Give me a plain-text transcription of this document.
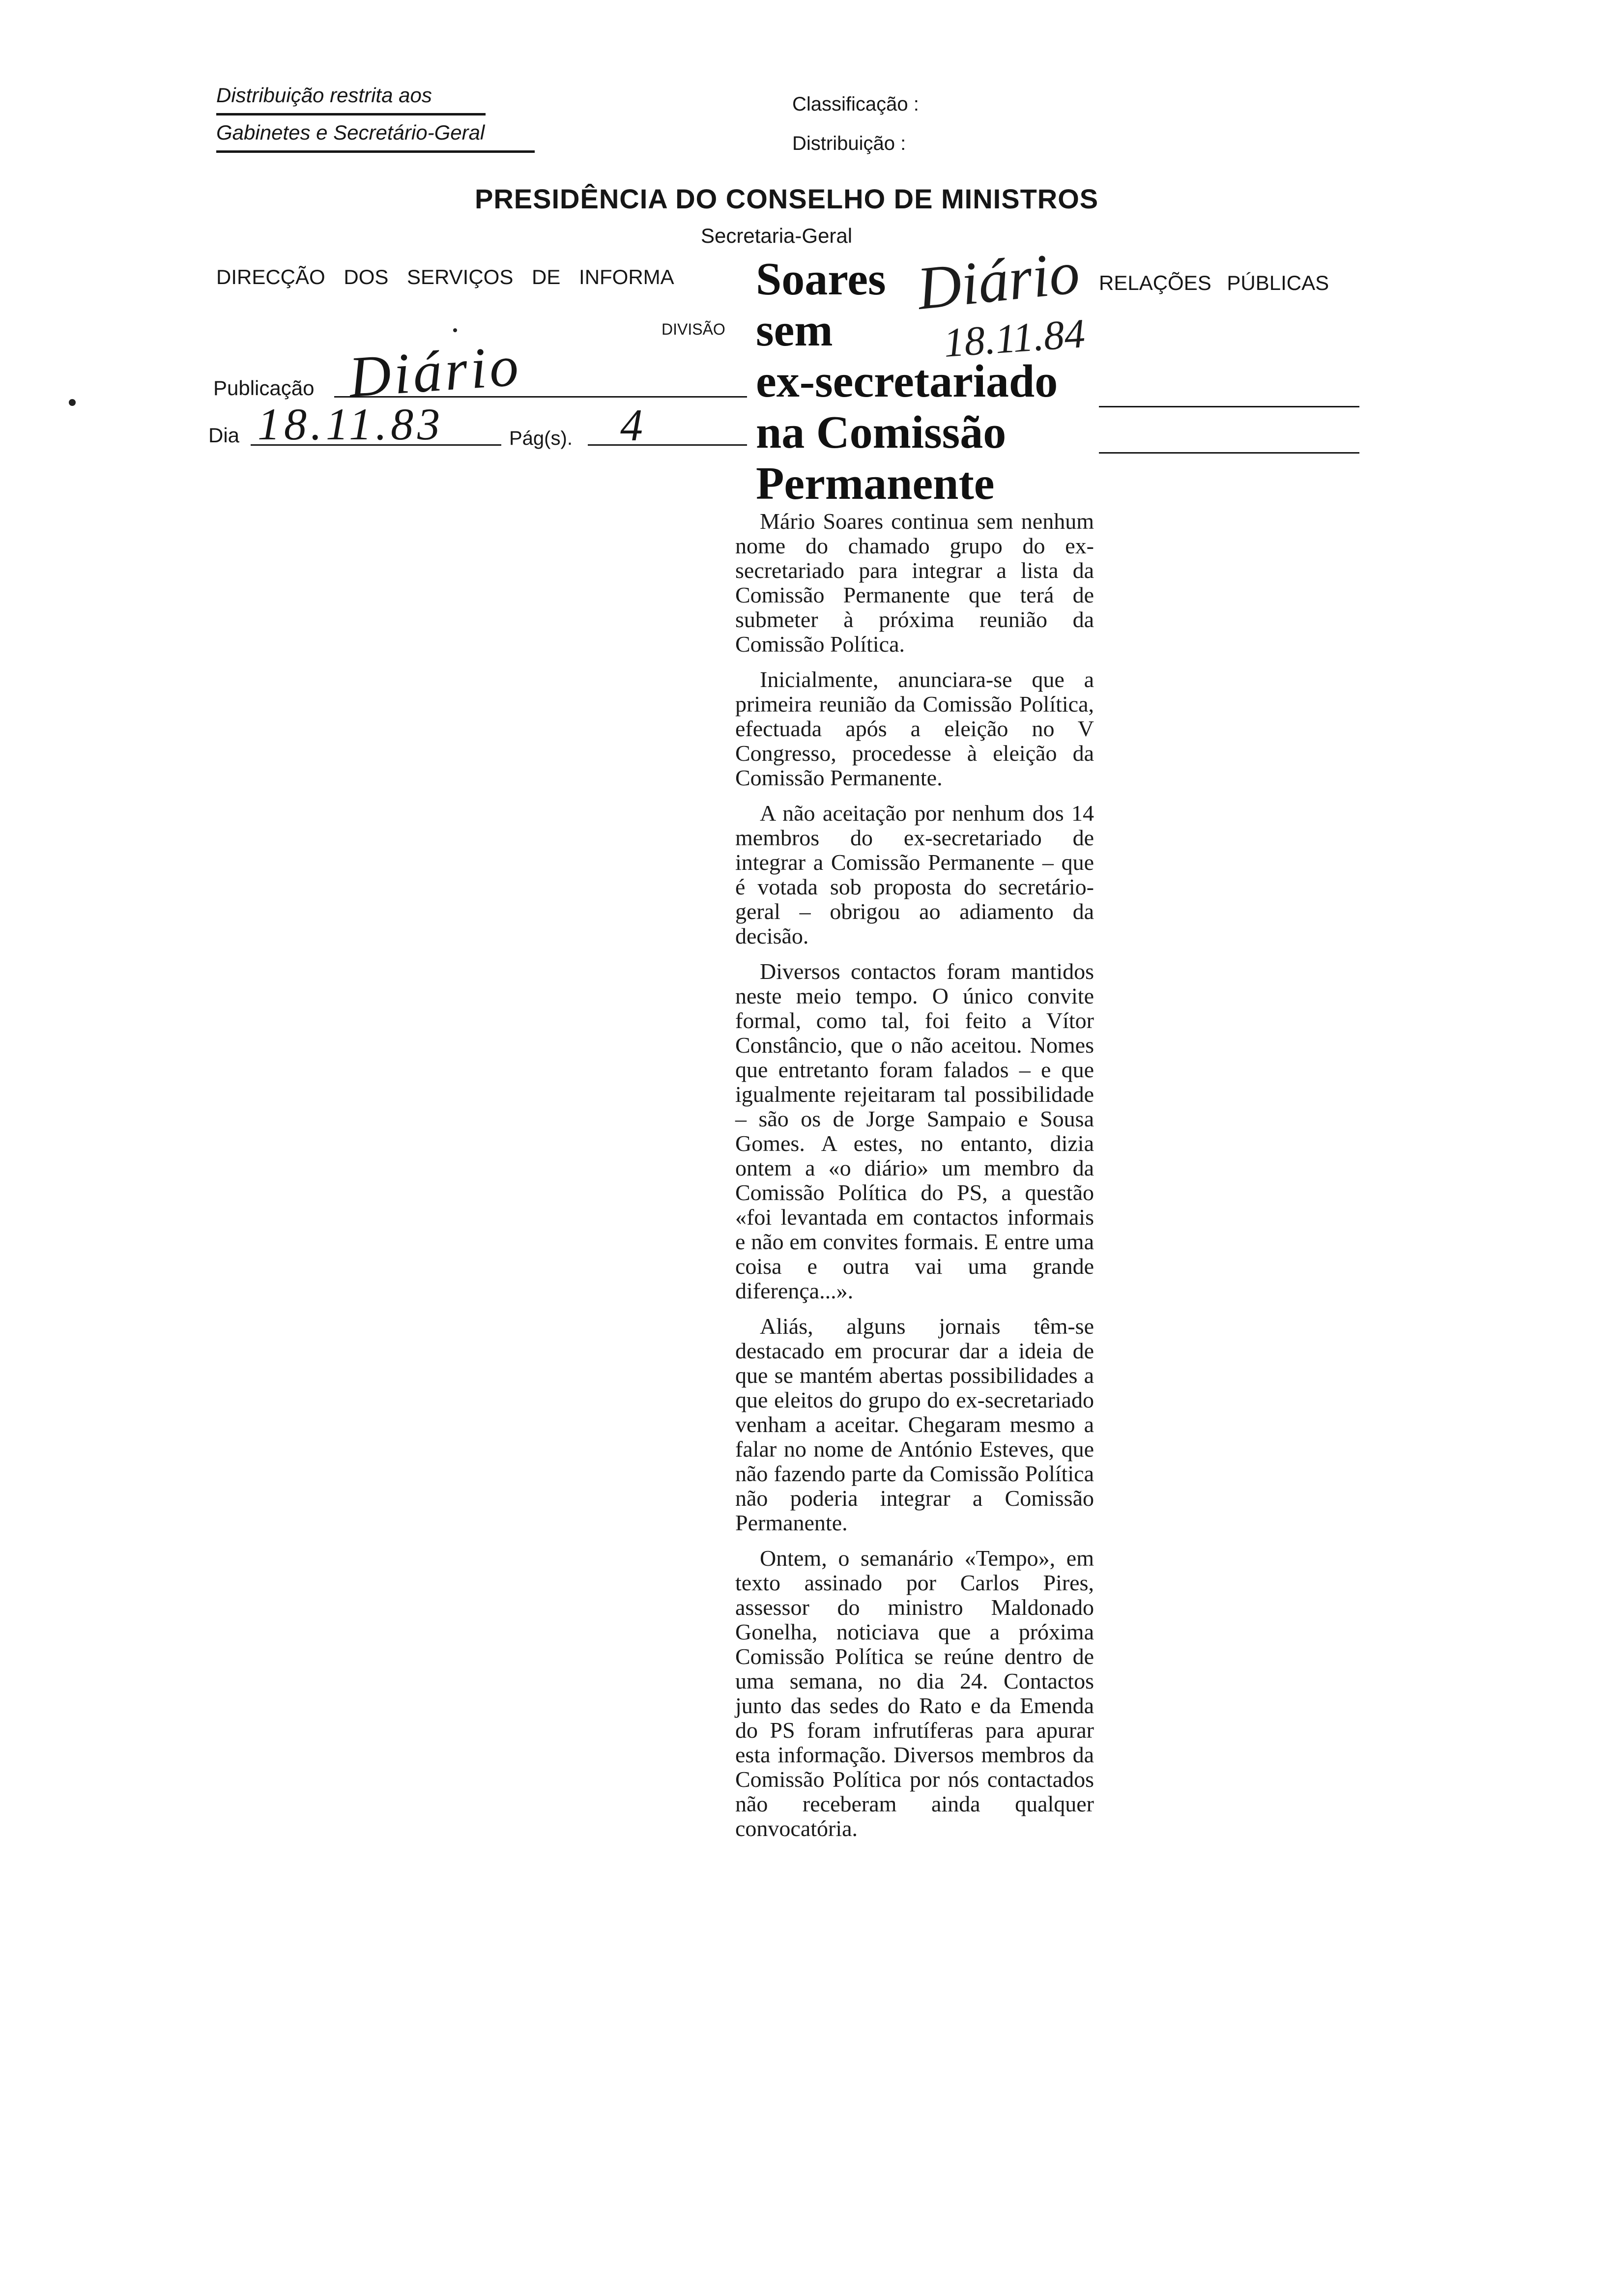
Distribuição restrita aos
Gabinetes e Secretário-Geral
Classificação :
Distribuição :
PRESIDÊNCIA DO CONSELHO DE MINISTROS
Secretaria-Geral
DIRECÇÃO DOS SERVIÇOS DE INFORMA	RELAÇÕES PÚBLICAS
DIVISÃO
Publicação Diário
Dia 18.11.83	Pág(s). 4
Soares
sem
ex-secretariado
na Comissão
Permanente
Diário
18.11.84

Mário Soares continua sem nenhum nome do chamado grupo do ex-secretariado para integrar a lista da Comissão Permanente que terá de submeter à próxima reunião da Comissão Política.

Inicialmente, anunciara-se que a primeira reunião da Comissão Política, efectuada após a eleição no V Congresso, procedesse à eleição da Comissão Permanente.

A não aceitação por nenhum dos 14 membros do ex-secretariado de integrar a Comissão Permanente – que é votada sob proposta do secretário-geral – obrigou ao adiamento da decisão.

Diversos contactos foram mantidos neste meio tempo. O único convite formal, como tal, foi feito a Vítor Constâncio, que o não aceitou. Nomes que entretanto foram falados – e que igualmente rejeitaram tal possibilidade – são os de Jorge Sampaio e Sousa Gomes. A estes, no entanto, dizia ontem a «o diário» um membro da Comissão Política do PS, a questão «foi levantada em contactos informais e não em convites formais. E entre uma coisa e outra vai uma grande diferença...».

Aliás, alguns jornais têm-se destacado em procurar dar a ideia de que se mantém abertas possibilidades a que eleitos do grupo do ex-secretariado venham a aceitar. Chegaram mesmo a falar no nome de António Esteves, que não fazendo parte da Comissão Política não poderia integrar a Comissão Permanente.

Ontem, o semanário «Tempo», em texto assinado por Carlos Pires, assessor do ministro Maldonado Gonelha, noticiava que a próxima Comissão Política se reúne dentro de uma semana, no dia 24. Contactos junto das sedes do Rato e da Emenda do PS foram infrutíferas para apurar esta informação. Diversos membros da Comissão Política por nós contactados não receberam ainda qualquer convocatória.
